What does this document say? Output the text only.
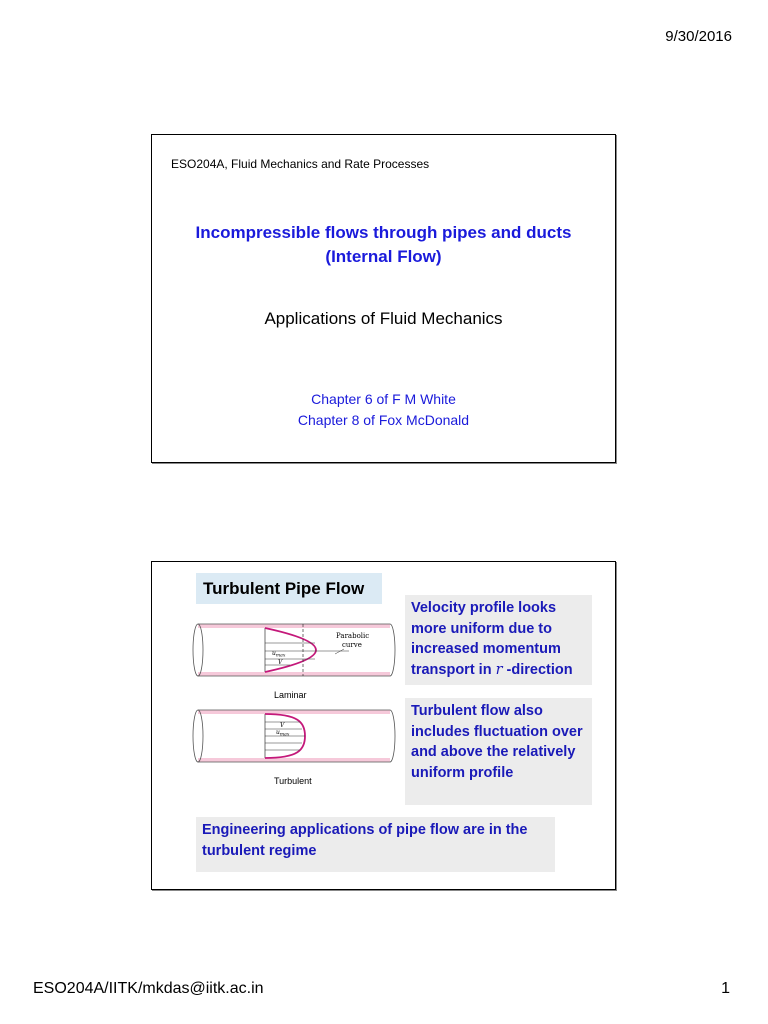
9/30/2016
ESO204A, Fluid Mechanics and Rate Processes
Incompressible flows through pipes and ducts
(Internal Flow)
Applications of Fluid Mechanics
Chapter 6 of F M White
Chapter 8 of Fox McDonald
Turbulent Pipe Flow
$u_{max}$
V
Parabolic
curve
Laminar
V
$u_{max}$
Turbulent
Velocity profile looks more uniform due to increased momentum transport in r -direction
Turbulent flow also includes fluctuation over and above the relatively uniform profile
Engineering applications of pipe flow are in the turbulent regime
ESO204A/IITK/mkdas@iitk.ac.in	1
